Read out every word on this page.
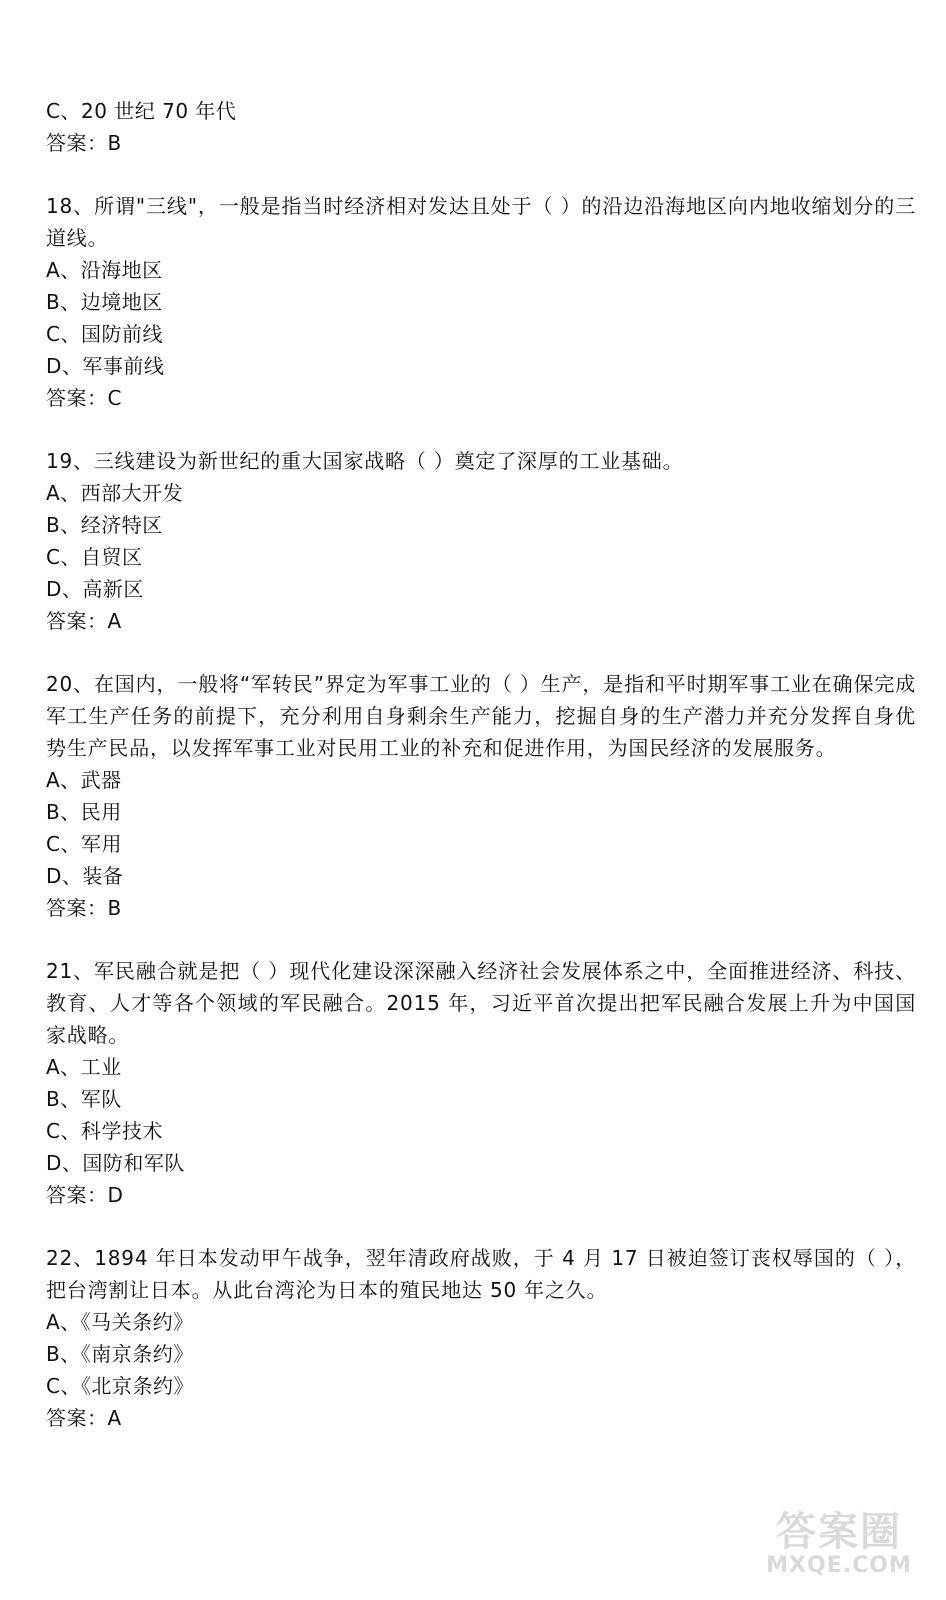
C、20 世纪 70 年代
答案：B
18、所谓"三线"，一般是指当时经济相对发达且处于（ ）的沿边沿海地区向内地收缩划分的三道线。
A、沿海地区
B、边境地区
C、国防前线
D、军事前线
答案：C
19、三线建设为新世纪的重大国家战略（ ）奠定了深厚的工业基础。
A、西部大开发
B、经济特区
C、自贸区
D、高新区
答案：A
20、在国内，一般将“军转民”界定为军事工业的（ ）生产，是指和平时期军事工业在确保完成军工生产任务的前提下，充分利用自身剩余生产能力，挖掘自身的生产潜力并充分发挥自身优势生产民品，以发挥军事工业对民用工业的补充和促进作用，为国民经济的发展服务。
A、武器
B、民用
C、军用
D、装备
答案：B
21、军民融合就是把（ ）现代化建设深深融入经济社会发展体系之中，全面推进经济、科技、教育、人才等各个领域的军民融合。2015 年，习近平首次提出把军民融合发展上升为中国国家战略。
A、工业
B、军队
C、科学技术
D、国防和军队
答案：D
22、1894 年日本发动甲午战争，翌年清政府战败，于 4 月 17 日被迫签订丧权辱国的（ ），把台湾割让日本。从此台湾沦为日本的殖民地达 50 年之久。
A、《马关条约》
B、《南京条约》
C、《北京条约》
答案：A
答案圈
MXQE.COM
